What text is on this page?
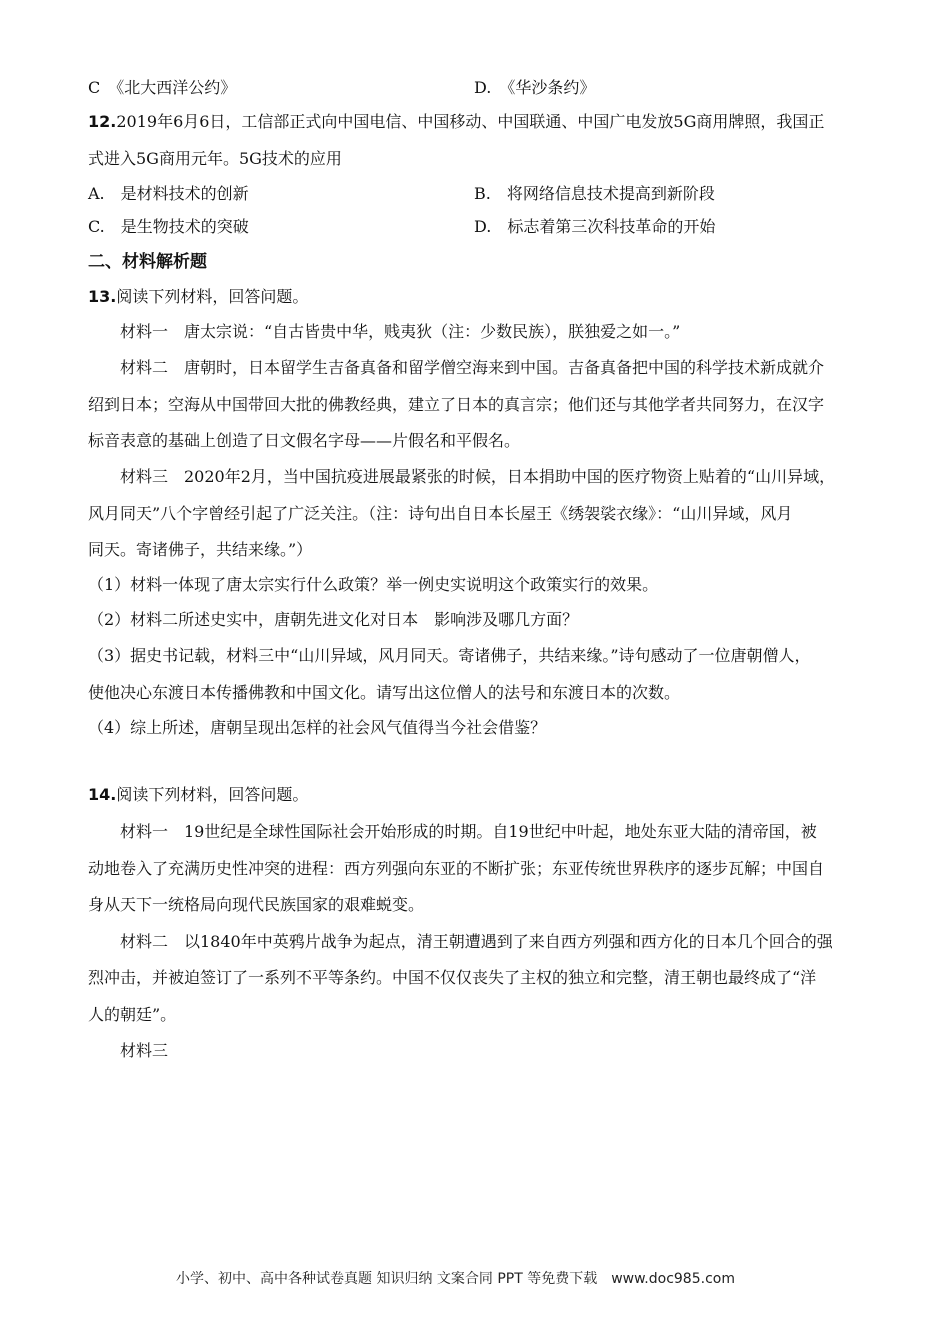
C　《北大西洋公约》	D.　《华沙条约》
12.2019年6月6日，工信部正式向中国电信、中国移动、中国联通、中国广电发放5G商用牌照，我国正
式进入5G商用元年。5G技术的应用
A.　是材料技术的创新	B.　将网络信息技术提高到新阶段
C.　是生物技术的突破	D.　标志着第三次科技革命的开始
二、材料解析题
13.阅读下列材料，回答问题。
材料一　唐太宗说：“自古皆贵中华，贱夷狄（注：少数民族），朕独爱之如一。”
材料二　唐朝时，日本留学生吉备真备和留学僧空海来到中国。吉备真备把中国的科学技术新成就介
绍到日本；空海从中国带回大批的佛教经典，建立了日本的真言宗；他们还与其他学者共同努力，在汉字
标音表意的基础上创造了日文假名字母——片假名和平假名。
材料三　2020年2月，当中国抗疫进展最紧张的时候，日本捐助中国的医疗物资上贴着的“山川异域，
风月同天”八个字曾经引起了广泛关注。（注：诗句出自日本长屋王《绣袈裟衣缘》：“山川异域，风月
同天。寄诸佛子，共结来缘。”）
（1）材料一体现了唐太宗实行什么政策？举一例史实说明这个政策实行的效果。
（2）材料二所述史实中，唐朝先进文化对日本　影响涉及哪几方面？
（3）据史书记载，材料三中“山川异域，风月同天。寄诸佛子，共结来缘。”诗句感动了一位唐朝僧人，
使他决心东渡日本传播佛教和中国文化。请写出这位僧人的法号和东渡日本的次数。
（4）综上所述，唐朝呈现出怎样的社会风气值得当今社会借鉴？
14.阅读下列材料，回答问题。
材料一　19世纪是全球性国际社会开始形成的时期。自19世纪中叶起，地处东亚大陆的清帝国，被
动地卷入了充满历史性冲突的进程：西方列强向东亚的不断扩张；东亚传统世界秩序的逐步瓦解；中国自
身从天下一统格局向现代民族国家的艰难蜕变。
材料二　以1840年中英鸦片战争为起点，清王朝遭遇到了来自西方列强和西方化的日本几个回合的强
烈冲击，并被迫签订了一系列不平等条约。中国不仅仅丧失了主权的独立和完整，清王朝也最终成了“洋
人的朝廷”。
材料三
小学、初中、高中各种试卷真题 知识归纳 文案合同 PPT 等免费下载　www.doc985.com
